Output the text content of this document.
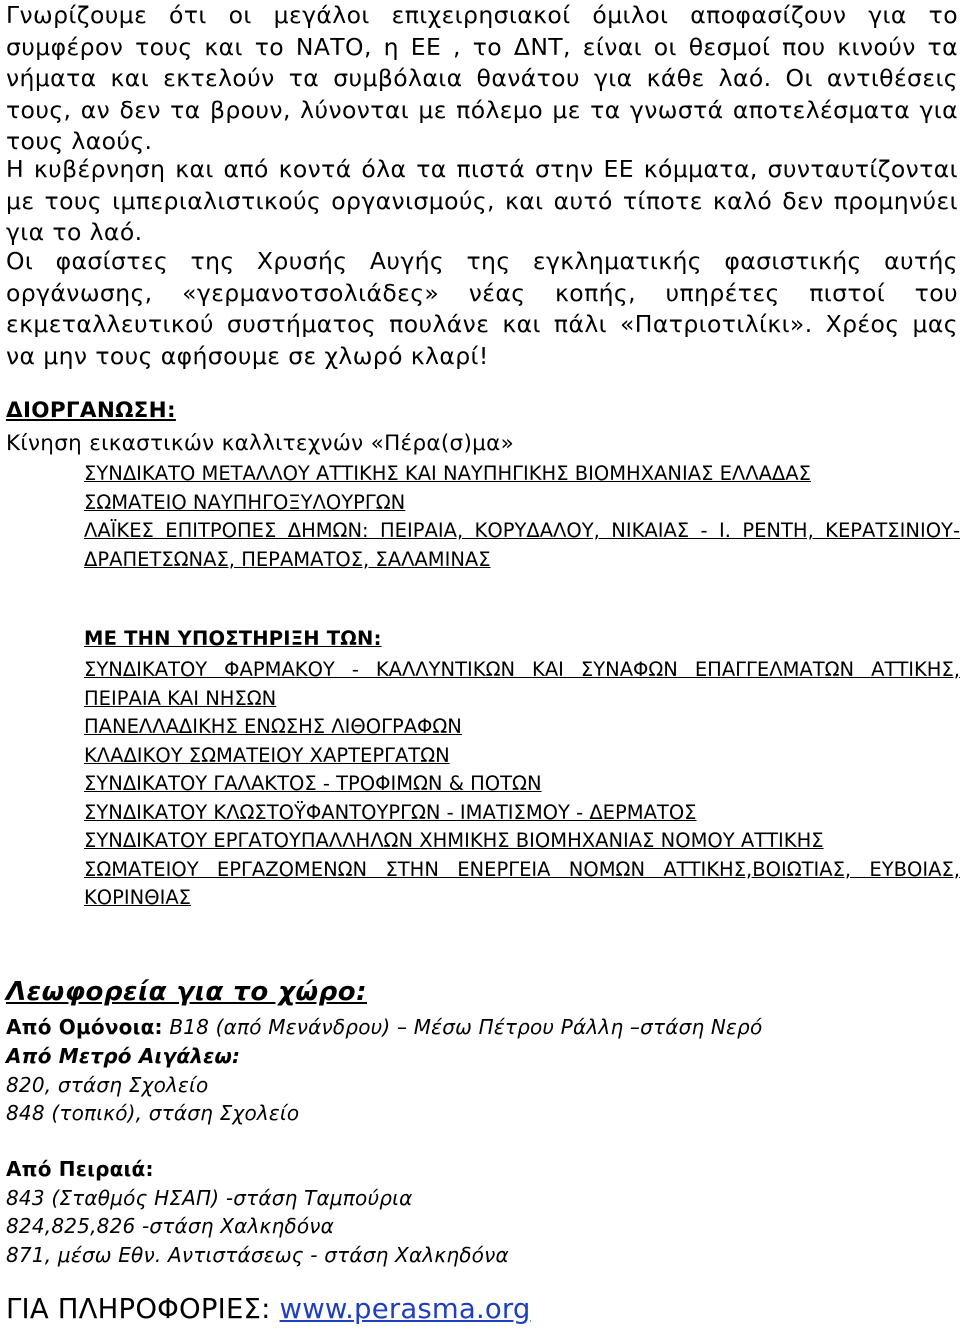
Γνωρίζουμε ότι οι μεγάλοι επιχειρησιακοί όμιλοι αποφασίζουν για το συμφέρον τους και το ΝΑΤΟ, η ΕΕ , το ΔΝΤ, είναι οι θεσμοί που κινούν τα νήματα και εκτελούν τα συμβόλαια θανάτου για κάθε λαό. Οι αντιθέσεις τους, αν δεν τα βρουν, λύνονται με πόλεμο με τα γνωστά αποτελέσματα για τους λαούς.

Η κυβέρνηση και από κοντά όλα τα πιστά στην ΕΕ κόμματα, συνταυτίζονται με τους ιμπεριαλιστικούς οργανισμούς, και αυτό τίποτε καλό δεν προμηνύει για το λαό.

Οι φασίστες της Χρυσής Αυγής της εγκληματικής φασιστικής αυτής οργάνωσης, «γερμανοτσολιάδες» νέας κοπής, υπηρέτες πιστοί του εκμεταλλευτικού συστήματος πουλάνε και πάλι «Πατριοτιλίκι». Χρέος μας να μην τους αφήσουμε σε χλωρό κλαρί!

ΔΙΟΡΓΑΝΩΣΗ:
Κίνηση εικαστικών καλλιτεχνών «Πέρα(σ)μα»
ΣΥΝΔΙΚΑΤΟ ΜΕΤΑΛΛΟΥ ΑΤΤΙΚΗΣ ΚΑΙ ΝΑΥΠΗΓΙΚΗΣ ΒΙΟΜΗΧΑΝΙΑΣ ΕΛΛΑΔΑΣ
ΣΩΜΑΤΕΙΟ ΝΑΥΠΗΓΟΞΥΛΟΥΡΓΩΝ
ΛΑΪΚΕΣ ΕΠΙΤΡΟΠΕΣ ΔΗΜΩΝ: ΠΕΙΡΑΙΑ, ΚΟΡΥΔΑΛΟΥ, ΝΙΚΑΙΑΣ - Ι. ΡΕΝΤΗ, ΚΕΡΑΤΣΙΝΙΟΥ- ΔΡΑΠΕΤΣΩΝΑΣ, ΠΕΡΑΜΑΤΟΣ, ΣΑΛΑΜΙΝΑΣ
ΜΕ ΤΗΝ ΥΠΟΣΤΗΡΙΞΗ ΤΩΝ:
ΣΥΝΔΙΚΑΤΟΥ ΦΑΡΜΑΚΟΥ - ΚΑΛΛΥΝΤΙΚΩΝ ΚΑΙ ΣΥΝΑΦΩΝ ΕΠΑΓΓΕΛΜΑΤΩΝ ΑΤΤΙΚΗΣ, ΠΕΙΡΑΙΑ ΚΑΙ ΝΗΣΩΝ
ΠΑΝΕΛΛΑΔΙΚΗΣ ΕΝΩΣΗΣ ΛΙΘΟΓΡΑΦΩΝ
ΚΛΑΔΙΚΟΥ ΣΩΜΑΤΕΙΟΥ ΧΑΡΤΕΡΓΑΤΩΝ
ΣΥΝΔΙΚΑΤΟΥ ΓΑΛΑΚΤΟΣ - ΤΡΟΦΙΜΩΝ & ΠΟΤΩΝ
ΣΥΝΔΙΚΑΤΟΥ ΚΛΩΣΤΟΫΦΑΝΤΟΥΡΓΩΝ - ΙΜΑΤΙΣΜΟΥ - ΔΕΡΜΑΤΟΣ
ΣΥΝΔΙΚΑΤΟΥ ΕΡΓΑΤΟΥΠΑΛΛΗΛΩΝ ΧΗΜΙΚΗΣ ΒΙΟΜΗΧΑΝΙΑΣ ΝΟΜΟΥ ΑΤΤΙΚΗΣ
ΣΩΜΑΤΕΙΟΥ ΕΡΓΑΖΟΜΕΝΩΝ ΣΤΗΝ ΕΝΕΡΓΕΙΑ ΝΟΜΩΝ ΑΤΤΙΚΗΣ,ΒΟΙΩΤΙΑΣ, ΕΥΒΟΙΑΣ, ΚΟΡΙΝΘΙΑΣ
Λεωφορεία για το χώρο:
Από Ομόνοια: Β18 (από Μενάνδρου) – Μέσω Πέτρου Ράλλη –στάση Νερό
Από Μετρό Αιγάλεω:
820, στάση Σχολείο
848 (τοπικό), στάση Σχολείο
Από Πειραιά:
843 (Σταθμός ΗΣΑΠ) -στάση Ταμπούρια
824,825,826 -στάση Χαλκηδόνα
871, μέσω Εθν. Αντιστάσεως - στάση Χαλκηδόνα
ΓΙΑ ΠΛΗΡΟΦΟΡΙΕΣ: www.perasma.org
